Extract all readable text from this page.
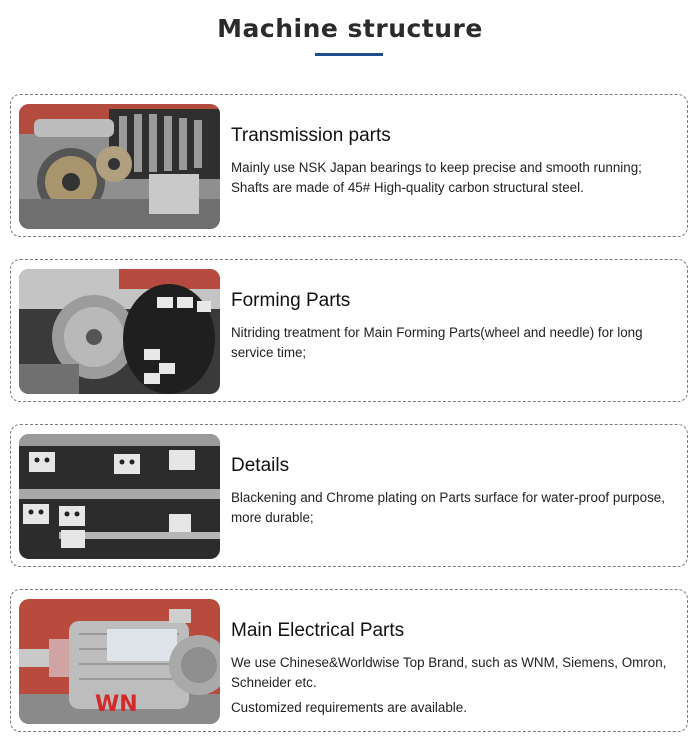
Machine structure
Transmission parts

Mainly use NSK Japan bearings to keep precise and smooth running;

Shafts are made of 45# High-quality carbon structural steel.

Forming Parts

Nitriding treatment for Main Forming Parts(wheel and needle) for long service time;

Details

Blackening and Chrome plating on Parts surface for water-proof purpose, more durable;

WN
Main Electrical Parts

We use Chinese&Worldwise Top Brand, such as WNM, Siemens, Omron, Schneider etc.

Customized requirements are available.
